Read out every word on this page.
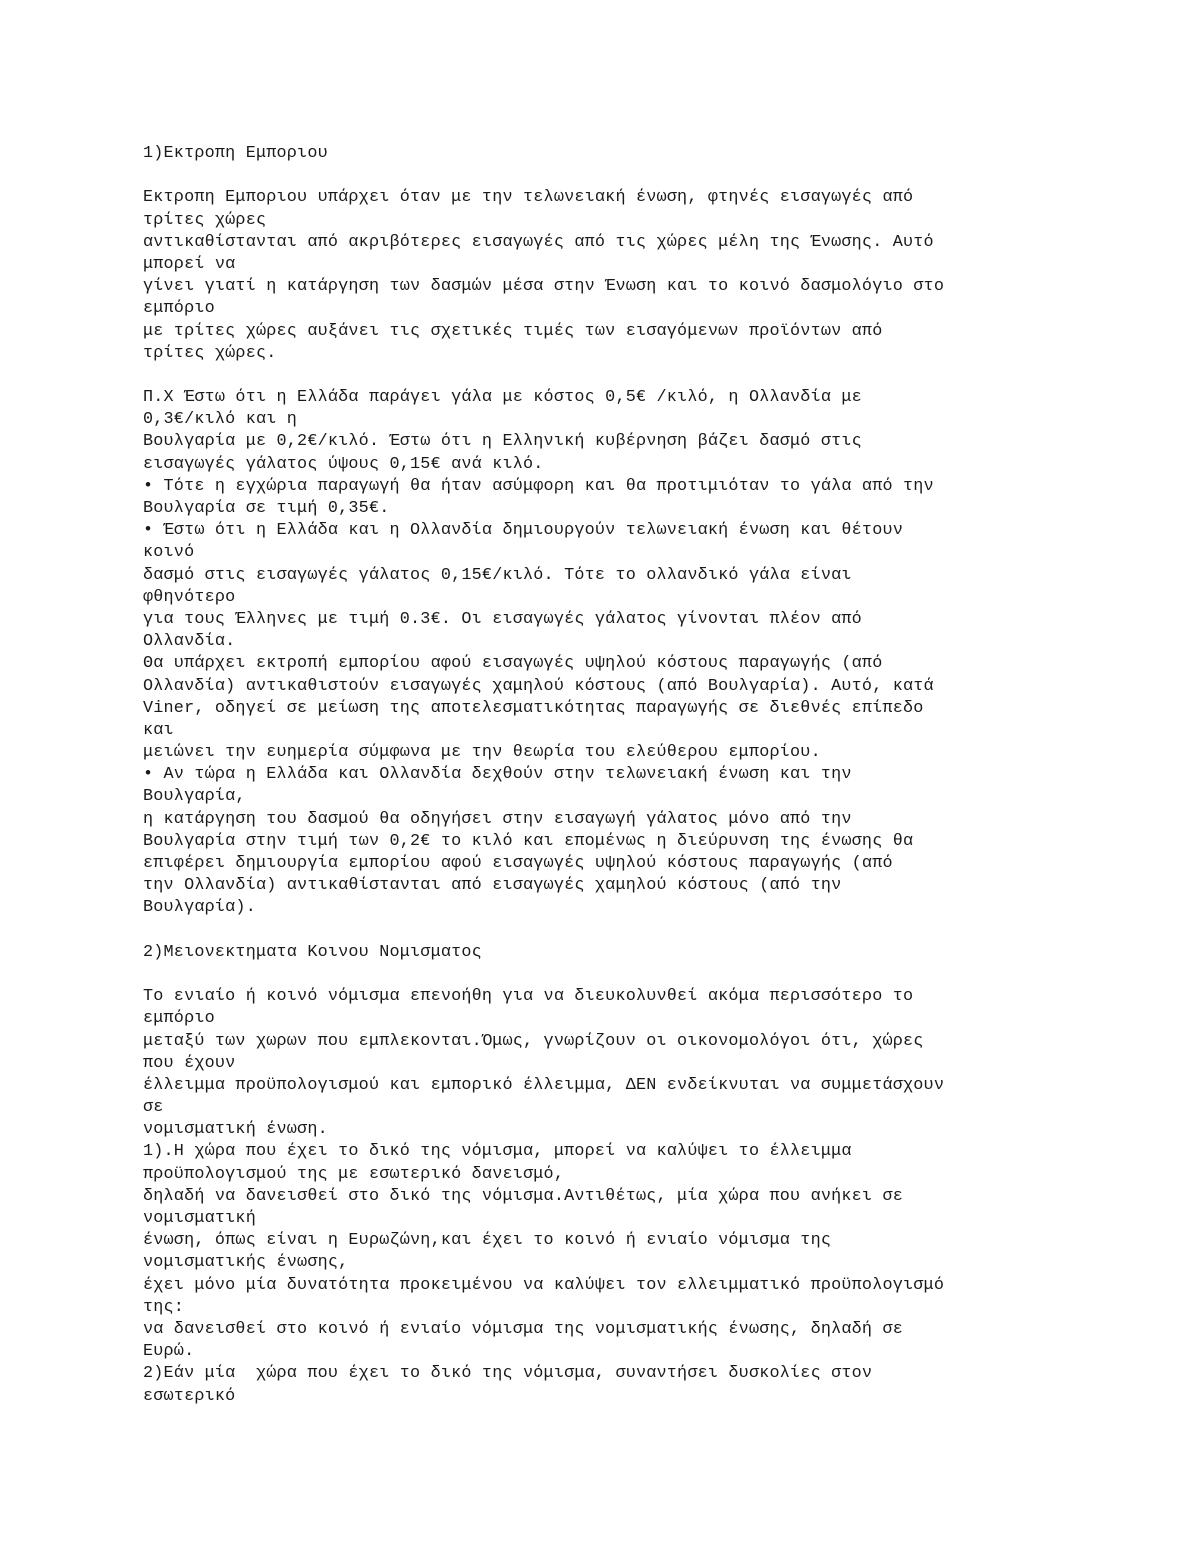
1)Εκτροπη Εμποριου
Εκτροπη Εμποριου υπάρχει όταν με την τελωνειακή ένωση, φτηνές εισαγωγές από
τρίτες χώρες
αντικαθίστανται από ακριβότερες εισαγωγές από τις χώρες μέλη της Ένωσης. Αυτό
μπορεί να
γίνει γιατί η κατάργηση των δασμών μέσα στην Ένωση και το κοινό δασμολόγιο στο
εμπόριο
με τρίτες χώρες αυξάνει τις σχετικές τιμές των εισαγόμενων προϊόντων από
τρίτες χώρες.
Π.Χ Έστω ότι η Ελλάδα παράγει γάλα με κόστος 0,5€ /κιλό, η Ολλανδία με
0,3€/κιλό και η
Βουλγαρία με 0,2€/κιλό. Έστω ότι η Ελληνική κυβέρνηση βάζει δασμό στις
εισαγωγές γάλατος ύψους 0,15€ ανά κιλό.
• Τότε η εγχώρια παραγωγή θα ήταν ασύμφορη και θα προτιμιόταν το γάλα από την
Βουλγαρία σε τιμή 0,35€.
• Έστω ότι η Ελλάδα και η Ολλανδία δημιουργούν τελωνειακή ένωση και θέτουν
κοινό
δασμό στις εισαγωγές γάλατος 0,15€/κιλό. Τότε το ολλανδικό γάλα είναι
φθηνότερο
για τους Έλληνες με τιμή 0.3€. Οι εισαγωγές γάλατος γίνονται πλέον από
Ολλανδία.
Θα υπάρχει εκτροπή εμπορίου αφού εισαγωγές υψηλού κόστους παραγωγής (από
Ολλανδία) αντικαθιστούν εισαγωγές χαμηλού κόστους (από Βουλγαρία). Αυτό, κατά
Viner, οδηγεί σε μείωση της αποτελεσματικότητας παραγωγής σε διεθνές επίπεδο
και
μειώνει την ευημερία σύμφωνα με την θεωρία του ελεύθερου εμπορίου.
• Αν τώρα η Ελλάδα και Ολλανδία δεχθούν στην τελωνειακή ένωση και την
Βουλγαρία,
η κατάργηση του δασμού θα οδηγήσει στην εισαγωγή γάλατος μόνο από την
Βουλγαρία στην τιμή των 0,2€ το κιλό και επομένως η διεύρυνση της ένωσης θα
επιφέρει δημιουργία εμπορίου αφού εισαγωγές υψηλού κόστους παραγωγής (από
την Ολλανδία) αντικαθίστανται από εισαγωγές χαμηλού κόστους (από την
Βουλγαρία).
2)Μειονεκτηματα Κοινου Νομισματος
Το ενιαίο ή κοινό νόμισμα επενοήθη για να διευκολυνθεί ακόμα περισσότερο το
εμπόριο
μεταξύ των χωρων που εμπλεκονται.Όμως, γνωρίζουν οι οικονομολόγοι ότι, χώρες
που έχουν
έλλειμμα προϋπολογισμού και εμπορικό έλλειμμα, ΔΕΝ ενδείκνυται να συμμετάσχουν
σε
νομισματική ένωση.
1).Η χώρα που έχει το δικό της νόμισμα, μπορεί να καλύψει το έλλειμμα
προϋπολογισμού της με εσωτερικό δανεισμό,
δηλαδή να δανεισθεί στο δικό της νόμισμα.Αντιθέτως, μία χώρα που ανήκει σε
νομισματική
ένωση, όπως είναι η Ευρωζώνη,και έχει το κοινό ή ενιαίο νόμισμα της
νομισματικής ένωσης,
έχει μόνο μία δυνατότητα προκειμένου να καλύψει τον ελλειμματικό προϋπολογισμό
της:
να δανεισθεί στο κοινό ή ενιαίο νόμισμα της νομισματικής ένωσης, δηλαδή σε
Ευρώ.
2)Εάν μία  χώρα που έχει το δικό της νόμισμα, συναντήσει δυσκολίες στον
εσωτερικό
